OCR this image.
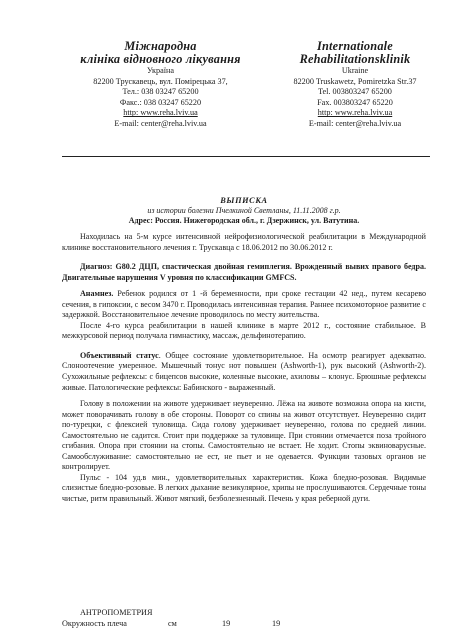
Міжнародна
клініка відновного лікування
Україна
82200 Трускавець, вул. Помірецька 37,
Тел.: 038 03247 65200
Факс.: 038 03247 65220
http: www.reha.lviv.ua
E-mail: center@reha.lviv.ua
Internationale
Rehabilitationsklinik
Ukraine
82200 Truskawetz, Pomiretzka Str.37
Tel. 003803247 65200
Fax. 003803247 65220
http: www.reha.lviv.ua
E-mail: center@reha.lviv.ua
ВЫПИСКА
из истории болезни Пчелкиной Светланы, 11.11.2008 г.р.
Адрес: Россия. Нижегородская обл., г. Дзержинск, ул. Ватутина.

Находилась на 5-м курсе интенсивной нейрофизиологической реабилитации в Международной клинике восстановительного лечения г. Трускавца с 18.06.2012 по 30.06.2012 г.

Диагноз: G80.2 ДЦП, спастическая двойная гемиплегия. Врожденный вывих правого бедра. Двигательные нарушения V уровня по классификации GMFCS.

Анамнез. Ребенок родился от 1 -й беременности, при сроке гестации 42 нед., путем кесарево сечения, в гипоксии, с весом 3470 г. Проводилась интенсивная терапия. Раннее психомоторное развитие с задержкой. Восстановительное лечение проводилось по месту жительства.

После 4-го курса реабилитации в нашей клинике в марте 2012 г., состояние стабильное. В межкурсовой период получала гимнастику, массаж, дельфинотерапию.

Объективный статус. Общее состояние удовлетворительное. На осмотр реагирует адекватно. Слоноотечение умеренное. Мышечный тонус нот повышен (Ashworth-1), рук высокий (Ashworth-2). Сухожильные рефлексы: с бицепсов высокие, коленные высокие, ахиловы – клонус. Брюшные рефлексы живые. Патологические рефлексы: Бабинского - выраженный.

Голову в положении на животе удерживает неуверенно. Лёжа на животе возможна опора на кисти, может поворачивать голову в обе стороны. Поворот со спины на живот отсутствует. Неуверенно сидит по-турецки, с флексией туловища. Сида голову удерживает неуверенно, голова по средней линии. Самостоятельно не садится. Стоит при поддержке за туловище. При стоянии отмечается поза тройного сгибания. Опора при стоянии на стопы. Самостоятельно не встает. Не ходит. Стопы эквиноварусные. Самообслуживание: самостоятельно не ест, не пьет и не одевается. Функции тазовых органов не контролирует.

Пульс - 104 уд.в мин., удовлетворительных характеристик. Кожа бледно-розовая. Видимые слизистые бледно-розовые. В легких дыхание везикулярное, хрипы не прослушиваются. Сердечные тоны чистые, ритм правильный. Живот мягкий, безболезненный. Печень у края реберной дуги.

АНТРОПОМЕТРИЯ
Окружность плеча	см	19	19
